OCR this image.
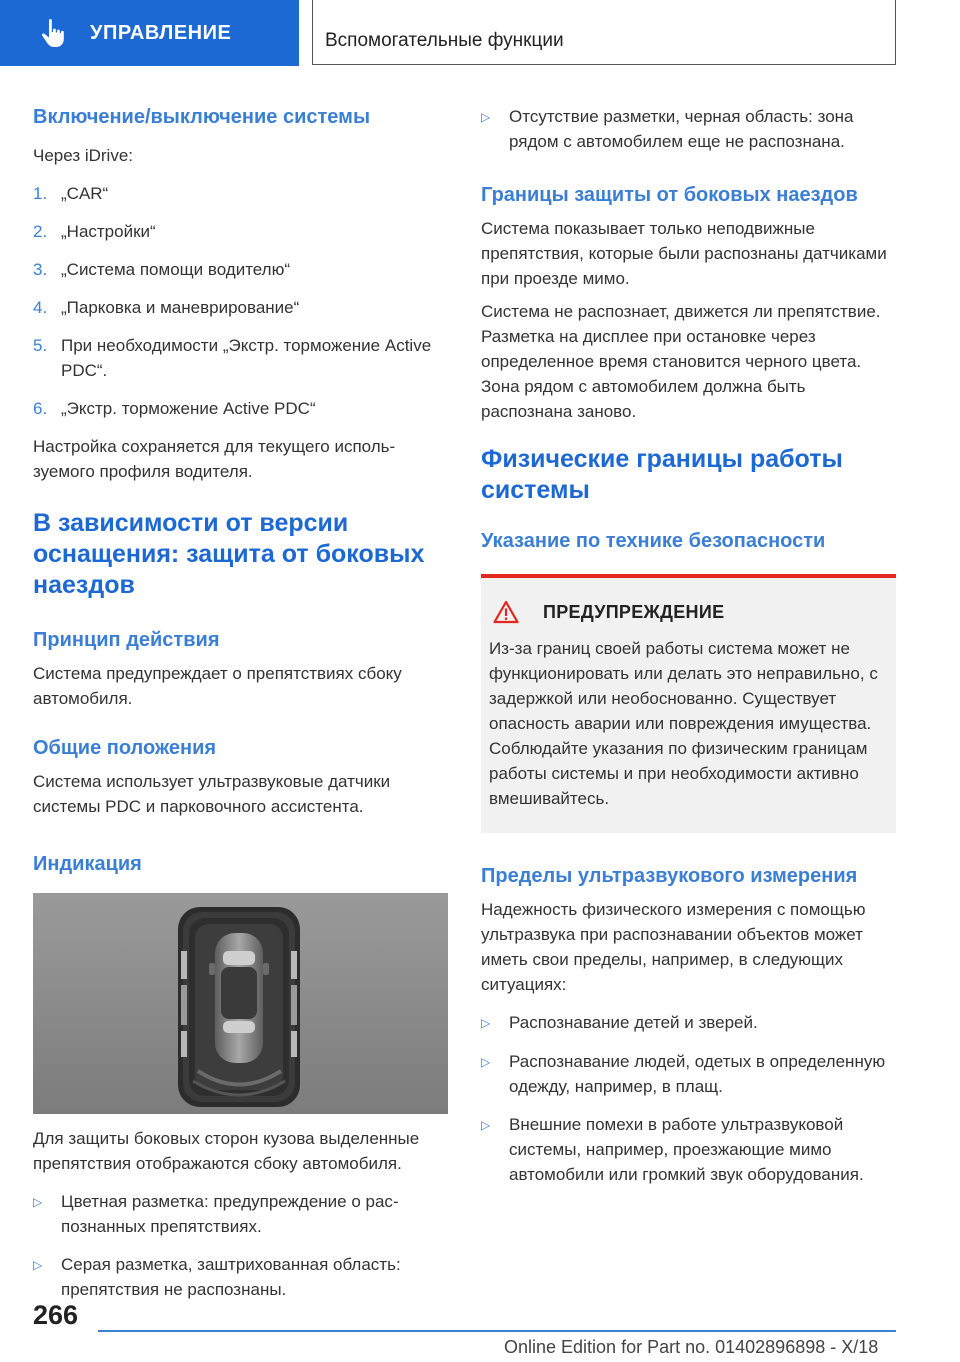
УПРАВЛЕНИЕ	Вспомогательные функции
Включение/выключение системы

Через iDrive:

1. „CAR“
2. „Настройки“
3. „Система помощи водителю“
4. „Парковка и маневрирование“
5. При необходимости „Экстр. торможение Active PDC“.
6. „Экстр. торможение Active PDC“

Настройка сохраняется для текущего используемого профиля водителя.

В зависимости от версии оснащения: защита от боковых наездов
Принцип действия

Система предупреждает о препятствиях сбоку автомобиля.

Общие положения

Система использует ультразвуковые датчики системы PDC и парковочного ассистента.

Индикация

Для защиты боковых сторон кузова выделенные препятствия отображаются сбоку автомобиля.

▷	Цветная разметка: предупреждение о распознанных препятствиях.
▷	Серая разметка, заштрихованная область: препятствия не распознаны.
▷	Отсутствие разметки, черная область: зона рядом с автомобилем еще не распознана.
Границы защиты от боковых наездов

Система показывает только неподвижные препятствия, которые были распознаны датчиками при проезде мимо.

Система не распознает, движется ли препятствие. Разметка на дисплее при остановке через определенное время становится черного цвета. Зона рядом с автомобилем должна быть распознана заново.

Физические границы работы системы
Указание по технике безопасности
ПРЕДУПРЕЖДЕНИЕ

Из-за границ своей работы система может не функционировать или делать это неправильно, с задержкой или необоснованно. Существует опасность аварии или повреждения имущества. Соблюдайте указания по физическим границам работы системы и при необходимости активно вмешивайтесь.

Пределы ультразвукового измерения

Надежность физического измерения с помощью ультразвука при распознавании объектов может иметь свои пределы, например, в следующих ситуациях:

▷	Распознавание детей и зверей.
▷	Распознавание людей, одетых в определенную одежду, например, в плащ.
▷	Внешние помехи в работе ультразвуковой системы, например, проезжающие мимо автомобили или громкий звук оборудования.
266
Online Edition for Part no. 01402896898 - X/18
